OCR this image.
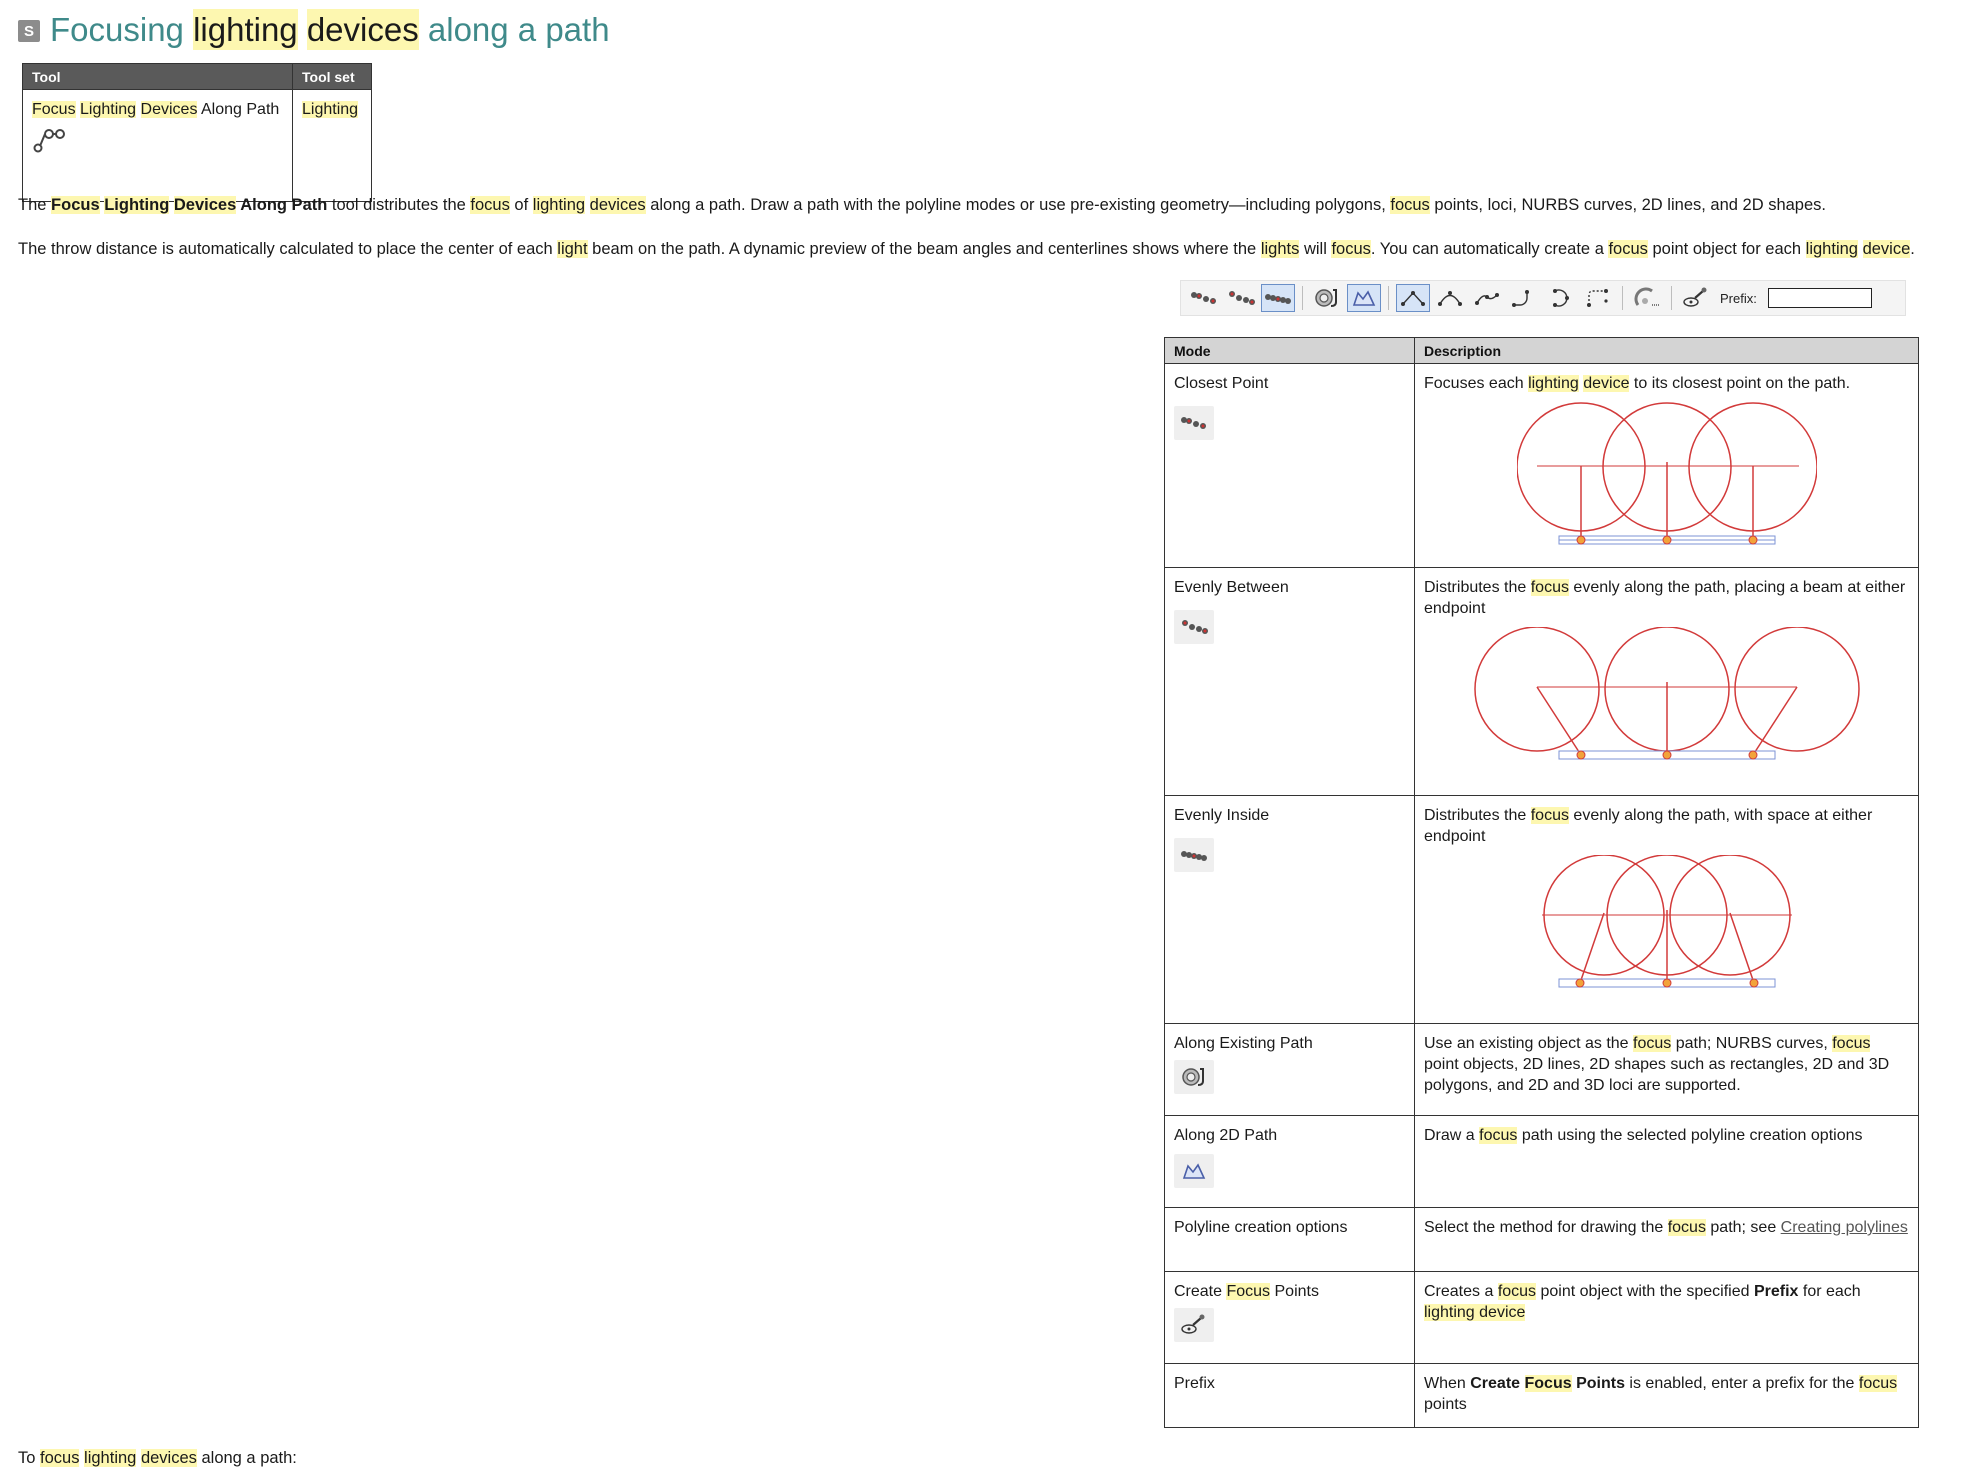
S Focusing lighting devices along a path
Tool	Tool set
Focus Lighting Devices Along Path	Lighting
The Focus Lighting Devices Along Path tool distributes the focus of lighting devices along a path. Draw a path with the polyline modes or use pre-existing geometry—including polygons, focus points, loci, NURBS curves, 2D lines, and 2D shapes.
The throw distance is automatically calculated to place the center of each light beam on the path. A dynamic preview of the beam angles and centerlines shows where the lights will focus. You can automatically create a focus point object for each lighting device.
Prefix:
Mode	Description
Closest Point	Focuses each lighting device to its closest point on the path.

Evenly Between	Distributes the focus evenly along the path, placing a beam at either endpoint

Evenly Inside	Distributes the focus evenly along the path, with space at either endpoint

Along Existing Path	Use an existing object as the focus path; NURBS curves, focus point objects, 2D lines, 2D shapes such as rectangles, 2D and 3D polygons, and 2D and 3D loci are supported.
Along 2D Path	Draw a focus path using the selected polyline creation options
Polyline creation options	Select the method for drawing the focus path; see Creating polylines
Create Focus Points	Creates a focus point object with the specified Prefix for each lighting device
Prefix	When Create Focus Points is enabled, enter a prefix for the focus points
To focus lighting devices along a path:
